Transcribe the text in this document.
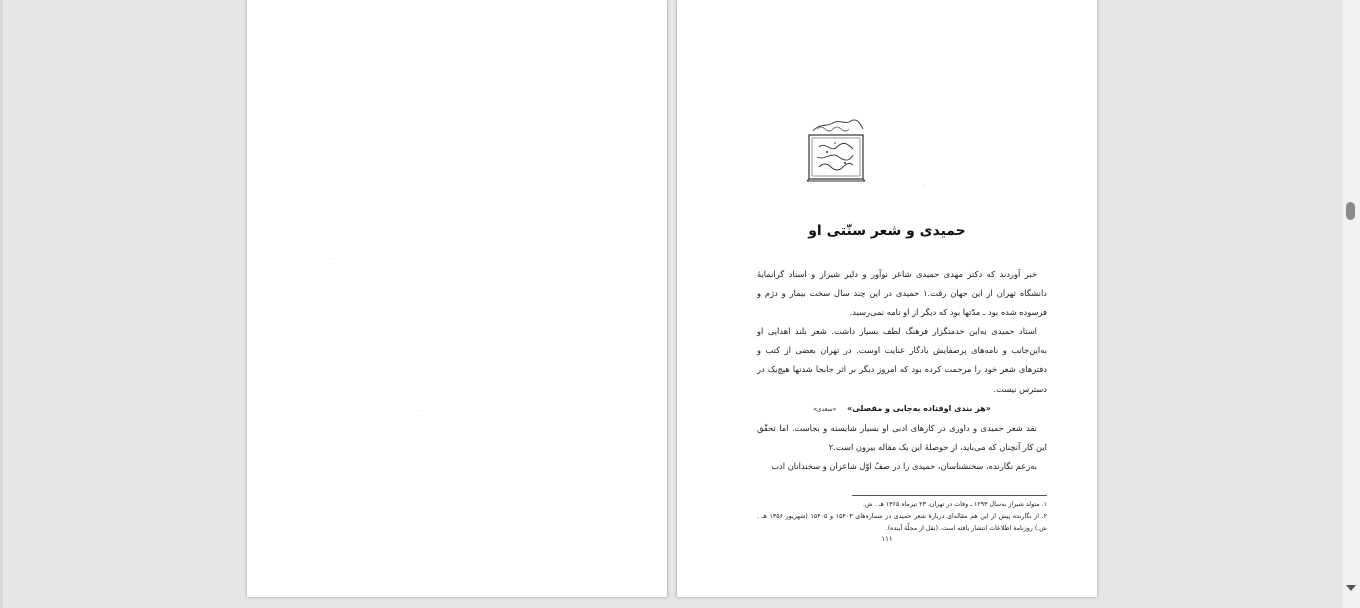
حمیدی و شعر سنّتی او

خبر آوردند که دکتر مهدی حمیدی شاعر نوآور و دلیر شیراز و استاد گرانمایهٔ دانشگاه تهران از این جهان رفت.۱ حمیدی در این چند سال سخت بیمار و دژم و فرسوده شده بود ـ مدّتها بود که دیگر از او نامه نمی‌رسید.

استاد حمیدی به‌این خدمتگزار فرهنگ لطف بسیار داشت. شعر بلند اهدایی او به‌این‌جانب و نامه‌های پرصفایش یادگار عنایت اوست. در تهران بعضی از کتب و دفترهای شعر خود را مرحمت کرده بود که امروز دیگر بر اثر جابجا شدنها هیچ‌یک در دسترس نیست.

«هر بندی اوفتاده به‌جایی و مفصلی» «سعدی»

نقد شعر حمیدی و داوری در کارهای ادبی او بسیار شایسته و بجاست. اما تحقّق این کار آنچنان که می‌باید، از حوصلهٔ این یک مقاله بیرون است.۲

به‌زعم نگارنده، سخنشناسان، حمیدی را در صفّ اوّل شاعران و سخندانان ادب

۱. متولد شیراز به‌سال ۱۲۹۳ ـ وفات در تهران، ۲۳ تیرماه ۱۳۶۵ هـ . ش.

۲. از نگارنده پیش از این هم مقاله‌ای دربارهٔ شعر حمیدی در شماره‌های ۱۵۴۰۳ و ۱۵۴۰۵ (شهریور ۱۳۵۶ هـ . ش.) روزنامهٔ اطلاعات انتشار یافته است. (نقل از مجلّهٔ آینده).

۱۱۱
